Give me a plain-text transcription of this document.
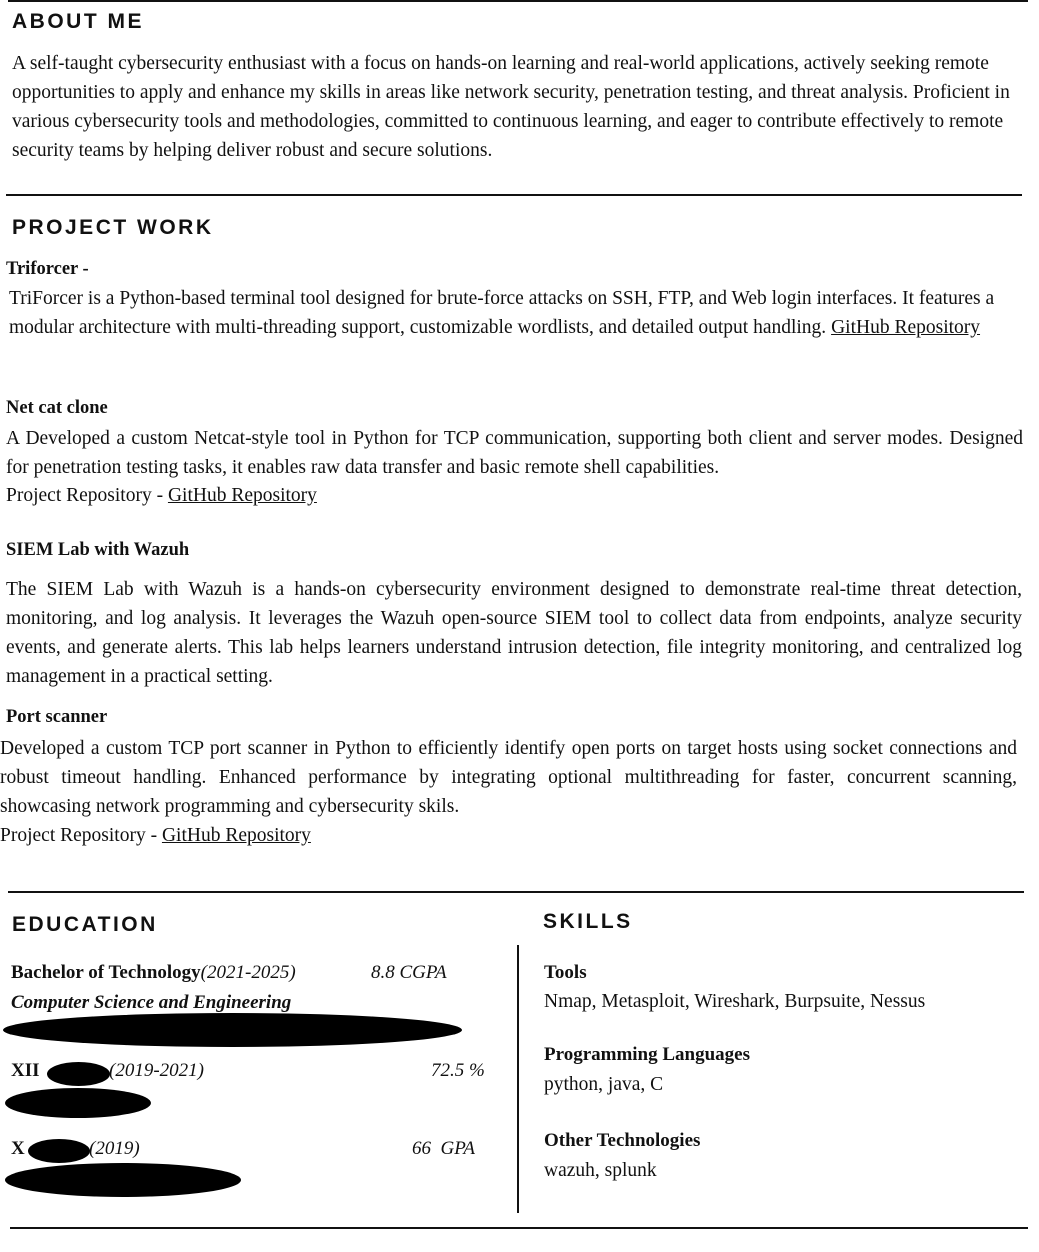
ABOUT ME
A self-taught cybersecurity enthusiast with a focus on hands-on learning and real-world applications, actively seeking remote opportunities to apply and enhance my skills in areas like network security, penetration testing, and threat analysis. Proficient in various cybersecurity tools and methodologies, committed to continuous learning, and eager to contribute effectively to remote security teams by helping deliver robust and secure solutions.
PROJECT WORK
Triforcer -
TriForcer is a Python-based terminal tool designed for brute-force attacks on SSH, FTP, and Web login interfaces. It features a modular architecture with multi-threading support, customizable wordlists, and detailed output handling. GitHub Repository
Net cat clone
A Developed a custom Netcat-style tool in Python for TCP communication, supporting both client and server modes. Designed for penetration testing tasks, it enables raw data transfer and basic remote shell capabilities.
Project Repository - GitHub Repository
SIEM Lab with Wazuh
The SIEM Lab with Wazuh is a hands-on cybersecurity environment designed to demonstrate real-time threat detection, monitoring, and log analysis. It leverages the Wazuh open-source SIEM tool to collect data from endpoints, analyze security events, and generate alerts. This lab helps learners understand intrusion detection, file integrity monitoring, and centralized log management in a practical setting.
Port scanner
Developed a custom TCP port scanner in Python to efficiently identify open ports on target hosts using socket connections and robust timeout handling. Enhanced performance by integrating optional multithreading for faster, concurrent scanning, showcasing network programming and cybersecurity skils.
Project Repository - GitHub Repository
EDUCATION
Bachelor of Technology(2021-2025)	8.8 CGPA
Computer Science and Engineering
XII	(2019-2021)	72.5 %
X	(2019)	66  GPA
SKILLS
Tools
Nmap, Metasploit, Wireshark, Burpsuite, Nessus
Programming Languages
python, java, C
Other Technologies
wazuh, splunk
